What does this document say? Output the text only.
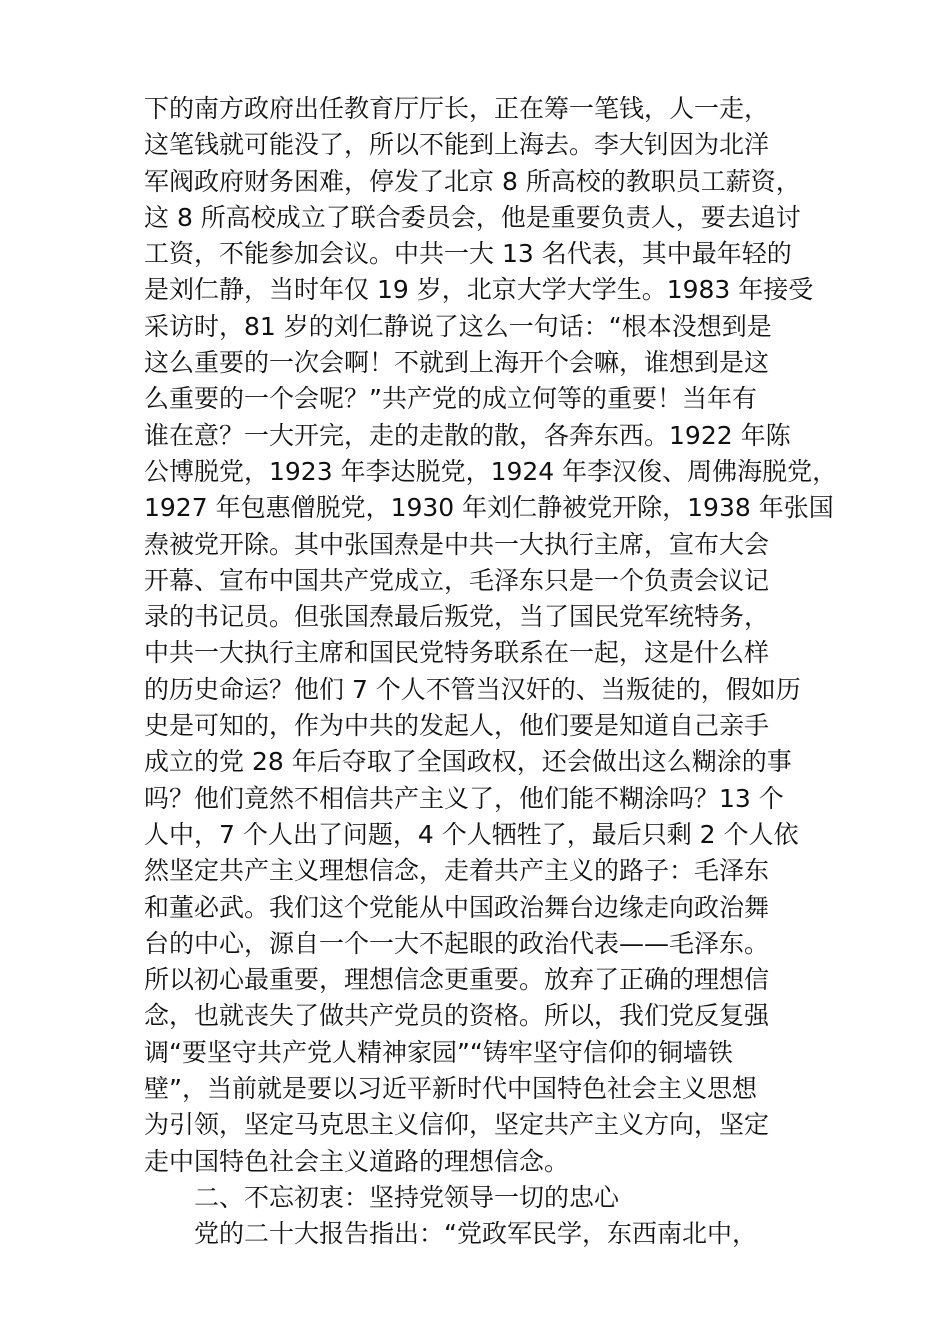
下的南方政府出任教育厅厅长，正在筹一笔钱，人一走，
这笔钱就可能没了，所以不能到上海去。李大钊因为北洋
军阀政府财务困难，停发了北京 8 所高校的教职员工薪资，
这 8 所高校成立了联合委员会，他是重要负责人，要去追讨
工资，不能参加会议。中共一大 13 名代表，其中最年轻的
是刘仁静，当时年仅 19 岁，北京大学大学生。1983 年接受
采访时，81 岁的刘仁静说了这么一句话：“根本没想到是
这么重要的一次会啊！不就到上海开个会嘛，谁想到是这
么重要的一个会呢？”共产党的成立何等的重要！当年有
谁在意？一大开完，走的走散的散，各奔东西。1922 年陈
公博脱党，1923 年李达脱党，1924 年李汉俊、周佛海脱党，
1927 年包惠僧脱党，1930 年刘仁静被党开除，1938 年张国
焘被党开除。其中张国焘是中共一大执行主席，宣布大会
开幕、宣布中国共产党成立，毛泽东只是一个负责会议记
录的书记员。但张国焘最后叛党，当了国民党军统特务，
中共一大执行主席和国民党特务联系在一起，这是什么样
的历史命运？他们 7 个人不管当汉奸的、当叛徒的，假如历
史是可知的，作为中共的发起人，他们要是知道自己亲手
成立的党 28 年后夺取了全国政权，还会做出这么糊涂的事
吗？他们竟然不相信共产主义了，他们能不糊涂吗？13 个
人中，7 个人出了问题，4 个人牺牲了，最后只剩 2 个人依
然坚定共产主义理想信念，走着共产主义的路子：毛泽东
和董必武。我们这个党能从中国政治舞台边缘走向政治舞
台的中心，源自一个一大不起眼的政治代表——毛泽东。
所以初心最重要，理想信念更重要。放弃了正确的理想信
念，也就丧失了做共产党员的资格。所以，我们党反复强
调“要坚守共产党人精神家园”“铸牢坚守信仰的铜墙铁
壁”，当前就是要以习近平新时代中国特色社会主义思想
为引领，坚定马克思主义信仰，坚定共产主义方向，坚定
走中国特色社会主义道路的理想信念。
二、不忘初衷：坚持党领导一切的忠心
党的二十大报告指出：“党政军民学，东西南北中，
